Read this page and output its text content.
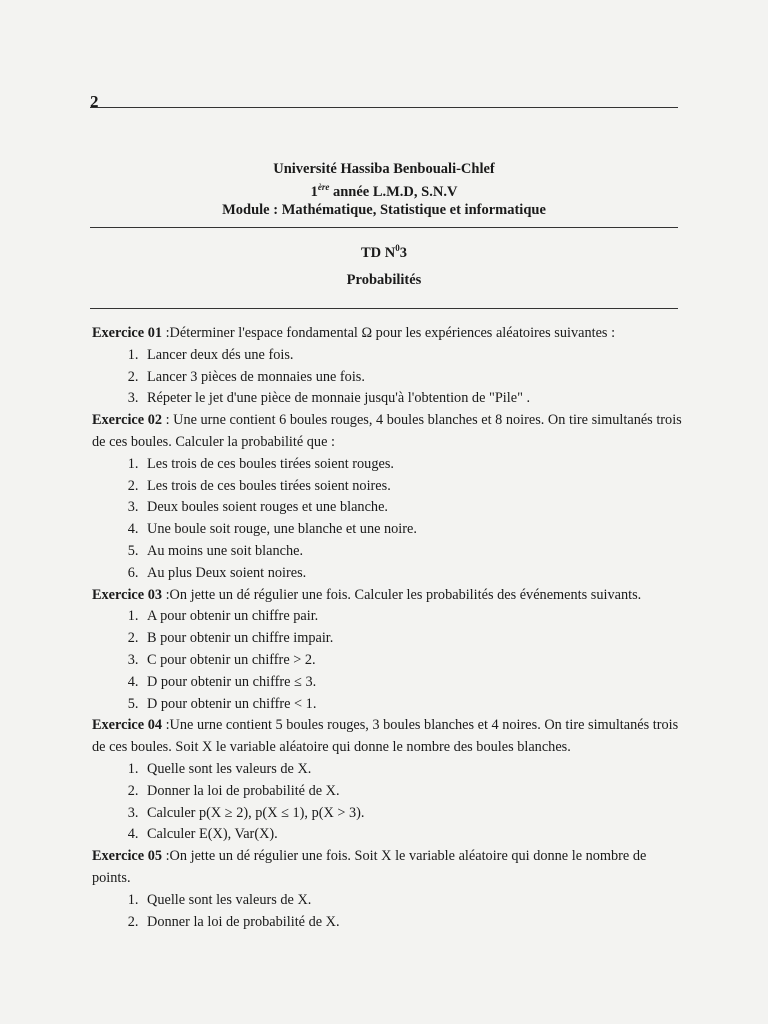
2
Université Hassiba Benbouali-Chlef
1ère année L.M.D, S.N.V
Module : Mathématique, Statistique et informatique
TD $N^03$
Probabilités

Exercice 01 :Déterminer l'espace fondamental Ω pour les expériences aléatoires suivantes :

1. Lancer deux dés une fois.
2. Lancer 3 pièces de monnaies une fois.
3. Répeter le jet d'une pièce de monnaie jusqu'à l'obtention de "Pile" .

Exercice 02 : Une urne contient 6 boules rouges, 4 boules blanches et 8 noires. On tire simultanés trois de ces boules. Calculer la probabilité que :

1. Les trois de ces boules tirées soient rouges.
2. Les trois de ces boules tirées soient noires.
3. Deux boules soient rouges et une blanche.
4. Une boule soit rouge, une blanche et une noire.
5. Au moins une soit blanche.
6. Au plus Deux soient noires.

Exercice 03 :On jette un dé régulier une fois. Calculer les probabilités des événements suivants.

1. A pour obtenir un chiffre pair.
2. B pour obtenir un chiffre impair.
3. C pour obtenir un chiffre > 2.
4. D pour obtenir un chiffre ≤ 3.
5. D pour obtenir un chiffre < 1.

Exercice 04 :Une urne contient 5 boules rouges, 3 boules blanches et 4 noires. On tire simultanés trois de ces boules. Soit X le variable aléatoire qui donne le nombre des boules blanches.

1. Quelle sont les valeurs de X.
2. Donner la loi de probabilité de X.
3. Calculer p(X ≥ 2), p(X ≤ 1), p(X > 3).
4. Calculer E(X), Var(X).

Exercice 05 :On jette un dé régulier une fois. Soit X le variable aléatoire qui donne le nombre de points.

1. Quelle sont les valeurs de X.
2. Donner la loi de probabilité de X.
